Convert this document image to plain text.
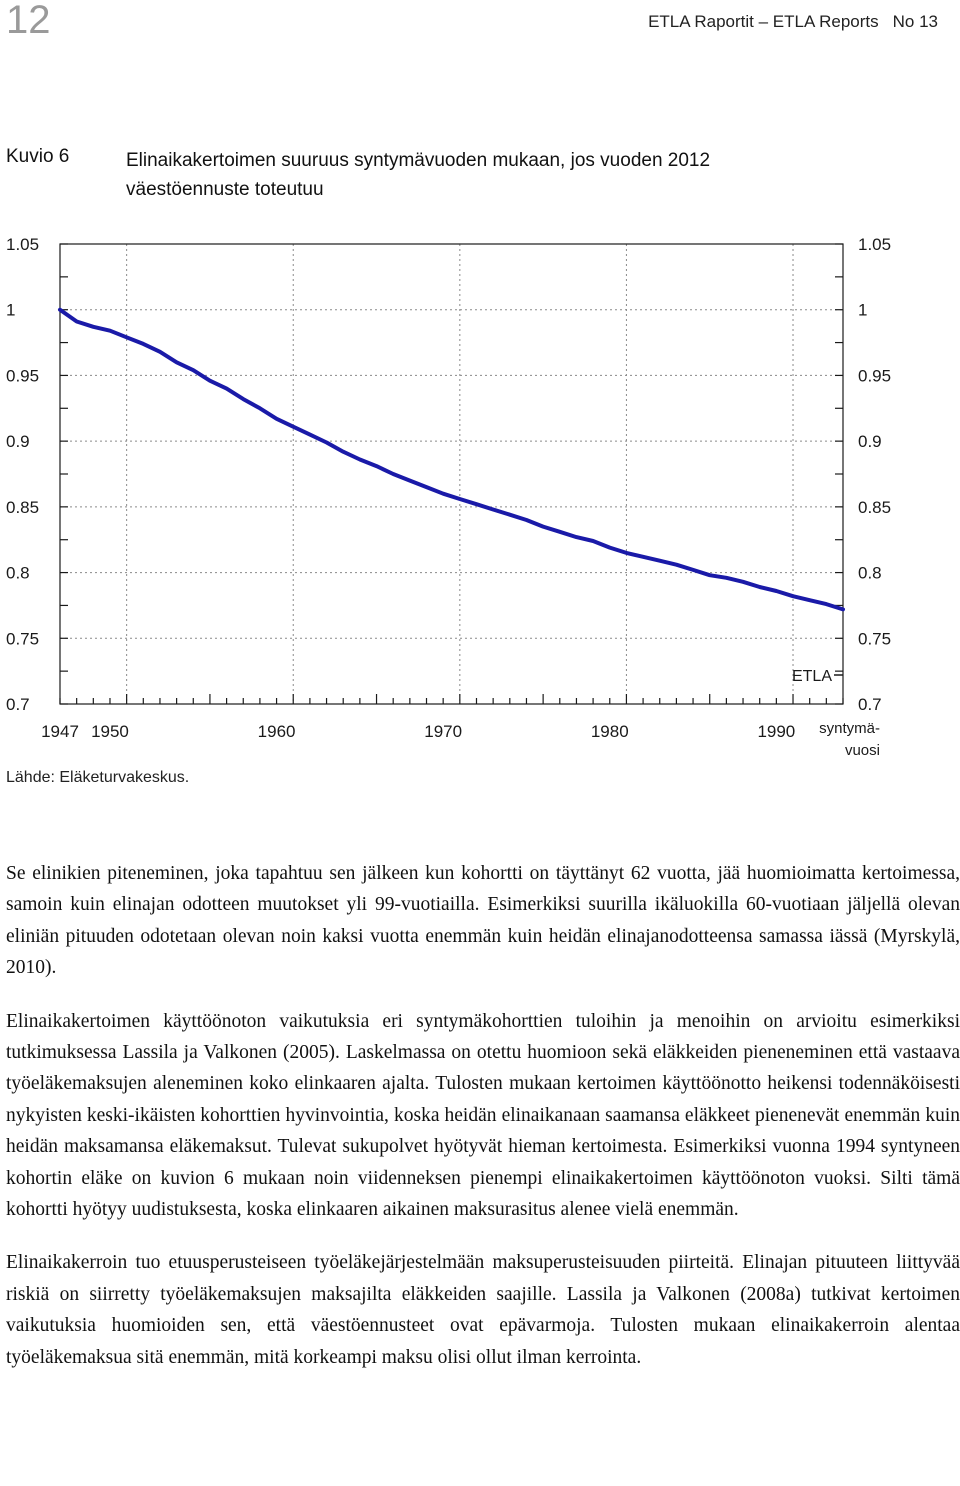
12	ETLA Raportit – ETLA Reports No 13
Kuvio 6	Elinaikakertoimen suuruus syntymävuoden mukaan, jos vuoden 2012
väestöennuste toteutuu
1.05
1
0.95
0.9
0.85
0.8
0.75
0.7
1.05
1
0.95
0.9
0.85
0.8
0.75
0.7
1947 1950	1960	1970	1980	1990
ETLA
syntymä-
vuosi
Lähde: Eläketurvakeskus.

Se elinikien piteneminen, joka tapahtuu sen jälkeen kun kohortti on täyttänyt 62 vuotta, jää huomioimatta kertoimessa, samoin kuin elinajan odotteen muutokset yli 99-vuotiailla. Esimerkiksi suurilla ikäluokilla 60-vuotiaan jäljellä olevan eliniän pituuden odotetaan olevan noin kaksi vuotta enemmän kuin heidän elinajanodotteensa samassa iässä (Myrskylä, 2010).

Elinaikakertoimen käyttöönoton vaikutuksia eri syntymäkohorttien tuloihin ja menoihin on arvioitu esimerkiksi tutkimuksessa Lassila ja Valkonen (2005). Laskelmassa on otettu huomioon sekä eläkkeiden pieneneminen että vastaava työeläkemaksujen aleneminen koko elinkaaren ajalta. Tulosten mukaan kertoimen käyttöönotto heikensi todennäköisesti nykyisten keski-ikäisten kohorttien hyvinvointia, koska heidän elinaikanaan saamansa eläkkeet pienenevät enemmän kuin heidän maksamansa eläkemaksut. Tulevat sukupolvet hyötyvät hieman kertoimesta. Esimerkiksi vuonna 1994 syntyneen kohortin eläke on kuvion 6 mukaan noin viidenneksen pienempi elinaikakertoimen käyttöönoton vuoksi. Silti tämä kohortti hyötyy uudistuksesta, koska elinkaaren aikainen maksurasitus alenee vielä enemmän.

Elinaikakerroin tuo etuusperusteiseen työeläkejärjestelmään maksuperusteisuuden piirteitä. Elinajan pituuteen liittyvää riskiä on siirretty työeläkemaksujen maksajilta eläkkeiden saajille. Lassila ja Valkonen (2008a) tutkivat kertoimen vaikutuksia huomioiden sen, että väestöennusteet ovat epävarmoja. Tulosten mukaan elinaikakerroin alentaa työeläkemaksua sitä enemmän, mitä korkeampi maksu olisi ollut ilman kerrointa.
